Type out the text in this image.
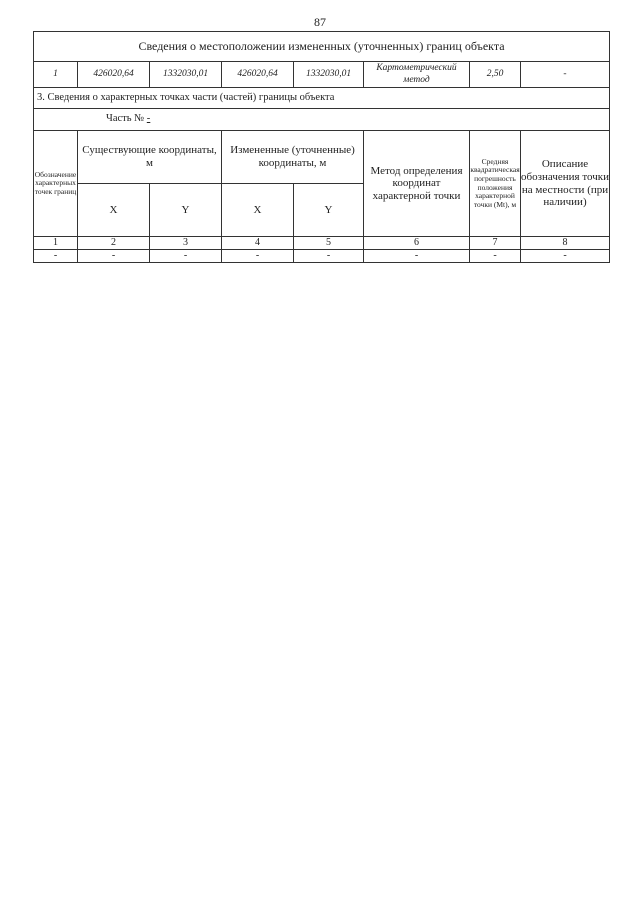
87
Сведения о местоположении измененных (уточненных) границ объекта							
1	426020,64	1332030,01	426020,64	1332030,01	Картометрический метод	2,50	-
3. Сведения о характерных точках части (частей) границы объекта							
Часть № -							
Обозначение характерных точек границ	Существующие координаты, м		Измененные (уточненные) координаты, м		Метод определения координат характерной точки	Средняя квадратическая погрешность положения характерной точки (Mt), м	Описание обозначения точки на местности (при наличии)
	X	Y	X	Y			
1	2	3	4	5	6	7	8
-	-	-	-	-	-	-	-
